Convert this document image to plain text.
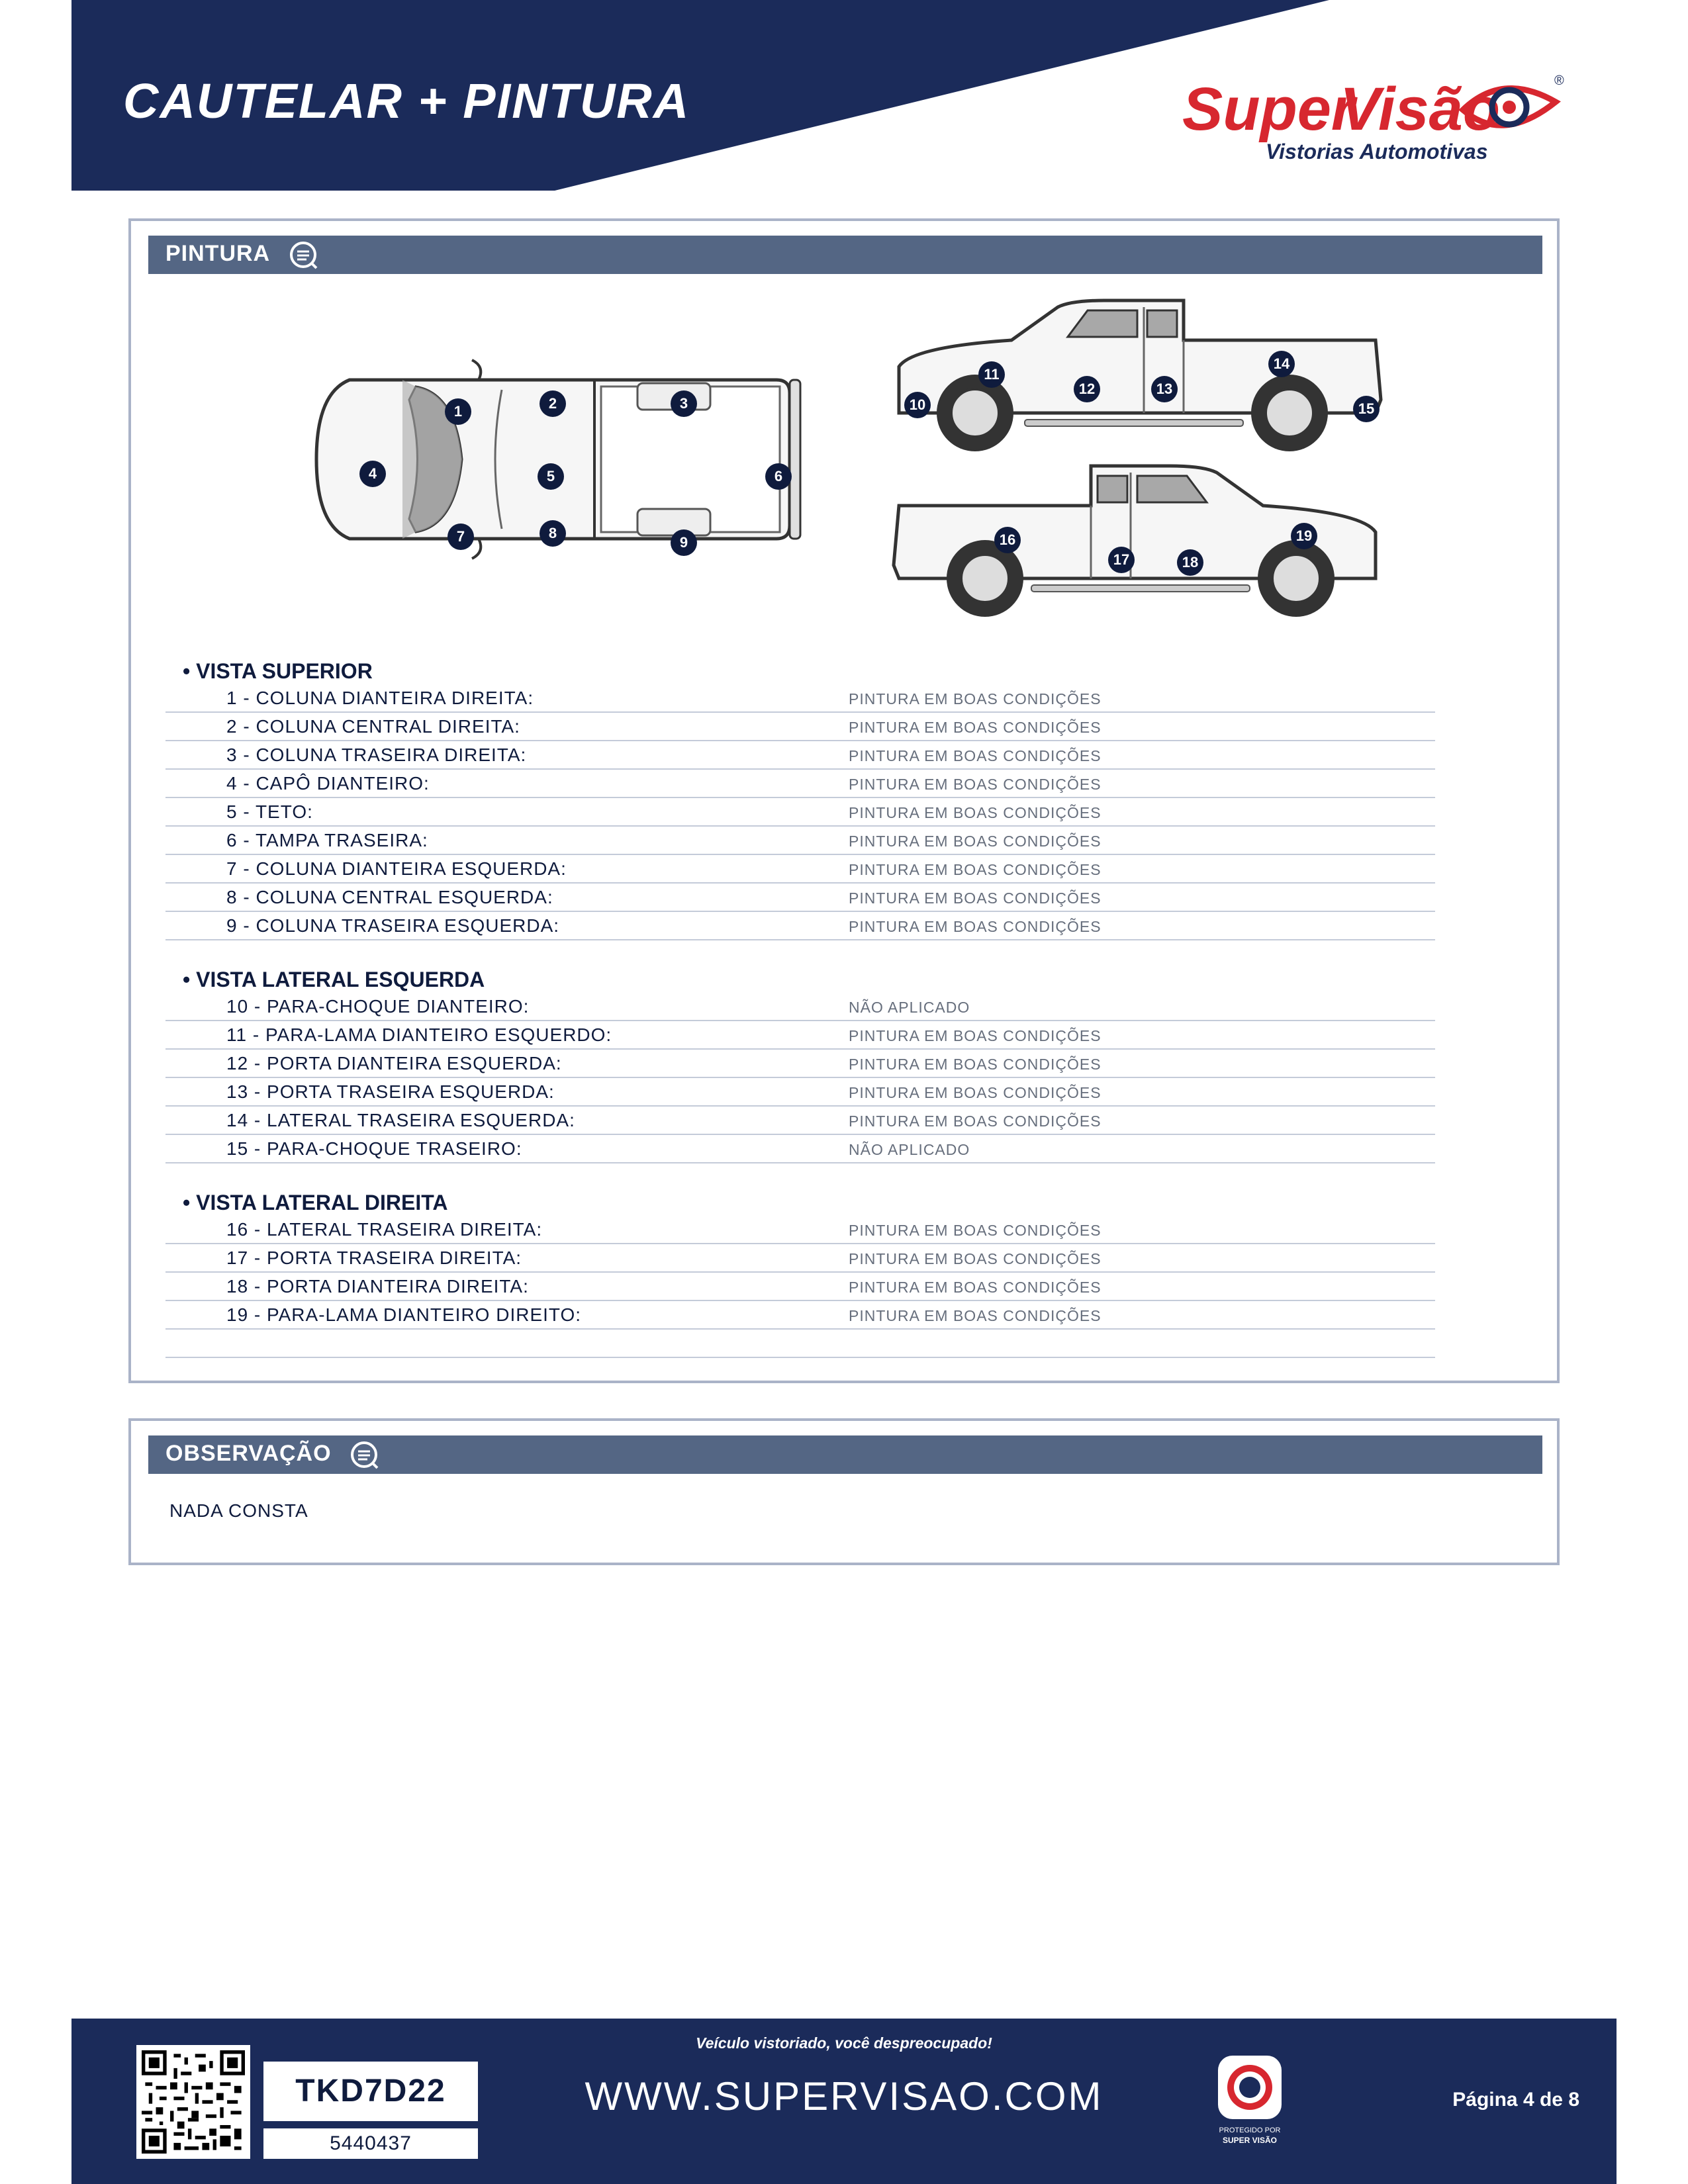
CAUTELAR + PINTURA	Super
Visão	®
Vistorias Automotivas
PINTURA
1	2	3
4	5	6
7	8
9
10
11
12	13
14
15
16
17	18
19
• VISTA SUPERIOR
1 - COLUNA DIANTEIRA DIREITA:	PINTURA EM BOAS CONDIÇÕES
2 - COLUNA CENTRAL DIREITA:	PINTURA EM BOAS CONDIÇÕES
3 - COLUNA TRASEIRA DIREITA:	PINTURA EM BOAS CONDIÇÕES
4 - CAPÔ DIANTEIRO:	PINTURA EM BOAS CONDIÇÕES
5 - TETO:	PINTURA EM BOAS CONDIÇÕES
6 - TAMPA TRASEIRA:	PINTURA EM BOAS CONDIÇÕES
7 - COLUNA DIANTEIRA ESQUERDA:	PINTURA EM BOAS CONDIÇÕES
8 - COLUNA CENTRAL ESQUERDA:	PINTURA EM BOAS CONDIÇÕES
9 - COLUNA TRASEIRA ESQUERDA:	PINTURA EM BOAS CONDIÇÕES
• VISTA LATERAL ESQUERDA
10 - PARA-CHOQUE DIANTEIRO:	NÃO APLICADO
11 - PARA-LAMA DIANTEIRO ESQUERDO:	PINTURA EM BOAS CONDIÇÕES
12 - PORTA DIANTEIRA ESQUERDA:	PINTURA EM BOAS CONDIÇÕES
13 - PORTA TRASEIRA ESQUERDA:	PINTURA EM BOAS CONDIÇÕES
14 - LATERAL TRASEIRA ESQUERDA:	PINTURA EM BOAS CONDIÇÕES
15 - PARA-CHOQUE TRASEIRO:	NÃO APLICADO
• VISTA LATERAL DIREITA
16 - LATERAL TRASEIRA DIREITA:	PINTURA EM BOAS CONDIÇÕES
17 - PORTA TRASEIRA DIREITA:	PINTURA EM BOAS CONDIÇÕES
18 - PORTA DIANTEIRA DIREITA:	PINTURA EM BOAS CONDIÇÕES
19 - PARA-LAMA DIANTEIRO DIREITO:	PINTURA EM BOAS CONDIÇÕES
OBSERVAÇÃO
NADA CONSTA
TKD7D22
5440437
Veículo vistoriado, você despreocupado!
WWW.SUPERVISAO.COM
PROTEGIDO POR
SUPER VISÃO
Página 4 de 8
